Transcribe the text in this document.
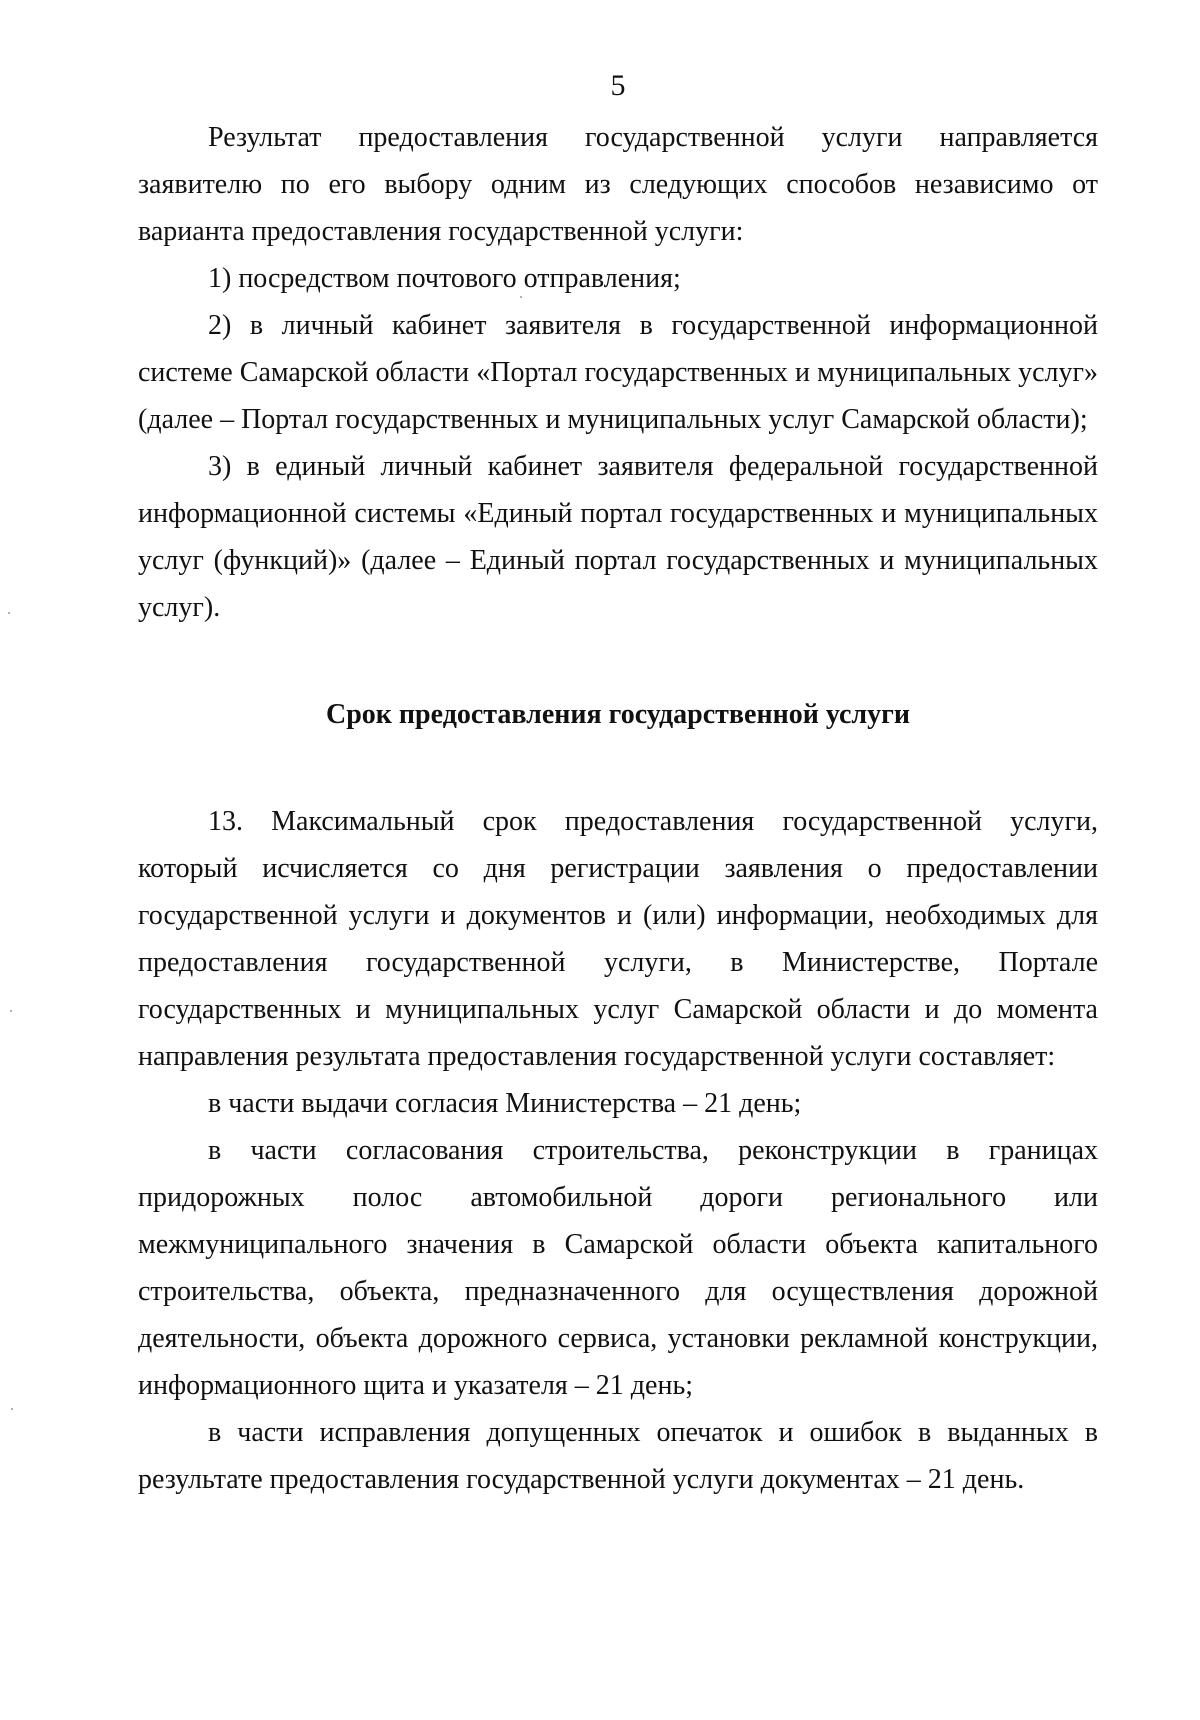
5

Результат предоставления государственной услуги направляется заявителю по его выбору одним из следующих способов независимо от варианта предоставления государственной услуги:

1) посредством почтового отправления;

2) в личный кабинет заявителя в государственной информационной системе Самарской области «Портал государственных и муниципальных услуг» (далее – Портал государственных и муниципальных услуг Самарской области);

3) в единый личный кабинет заявителя федеральной государственной информационной системы «Единый портал государственных и муниципальных услуг (функций)» (далее – Единый портал государственных и муниципальных услуг).

Срок предоставления государственной услуги

13. Максимальный срок предоставления государственной услуги, который исчисляется со дня регистрации заявления о предоставлении государственной услуги и документов и (или) информации, необходимых для предоставления государственной услуги, в Министерстве, Портале государственных и муниципальных услуг Самарской области и до момента направления результата предоставления государственной услуги составляет:

в части выдачи согласия Министерства – 21 день;

в части согласования строительства, реконструкции в границах придорожных полос автомобильной дороги регионального или межмуниципального значения в Самарской области объекта капитального строительства, объекта, предназначенного для осуществления дорожной деятельности, объекта дорожного сервиса, установки рекламной конструкции, информационного щита и указателя – 21 день;

в части исправления допущенных опечаток и ошибок в выданных в результате предоставления государственной услуги документах – 21 день.
